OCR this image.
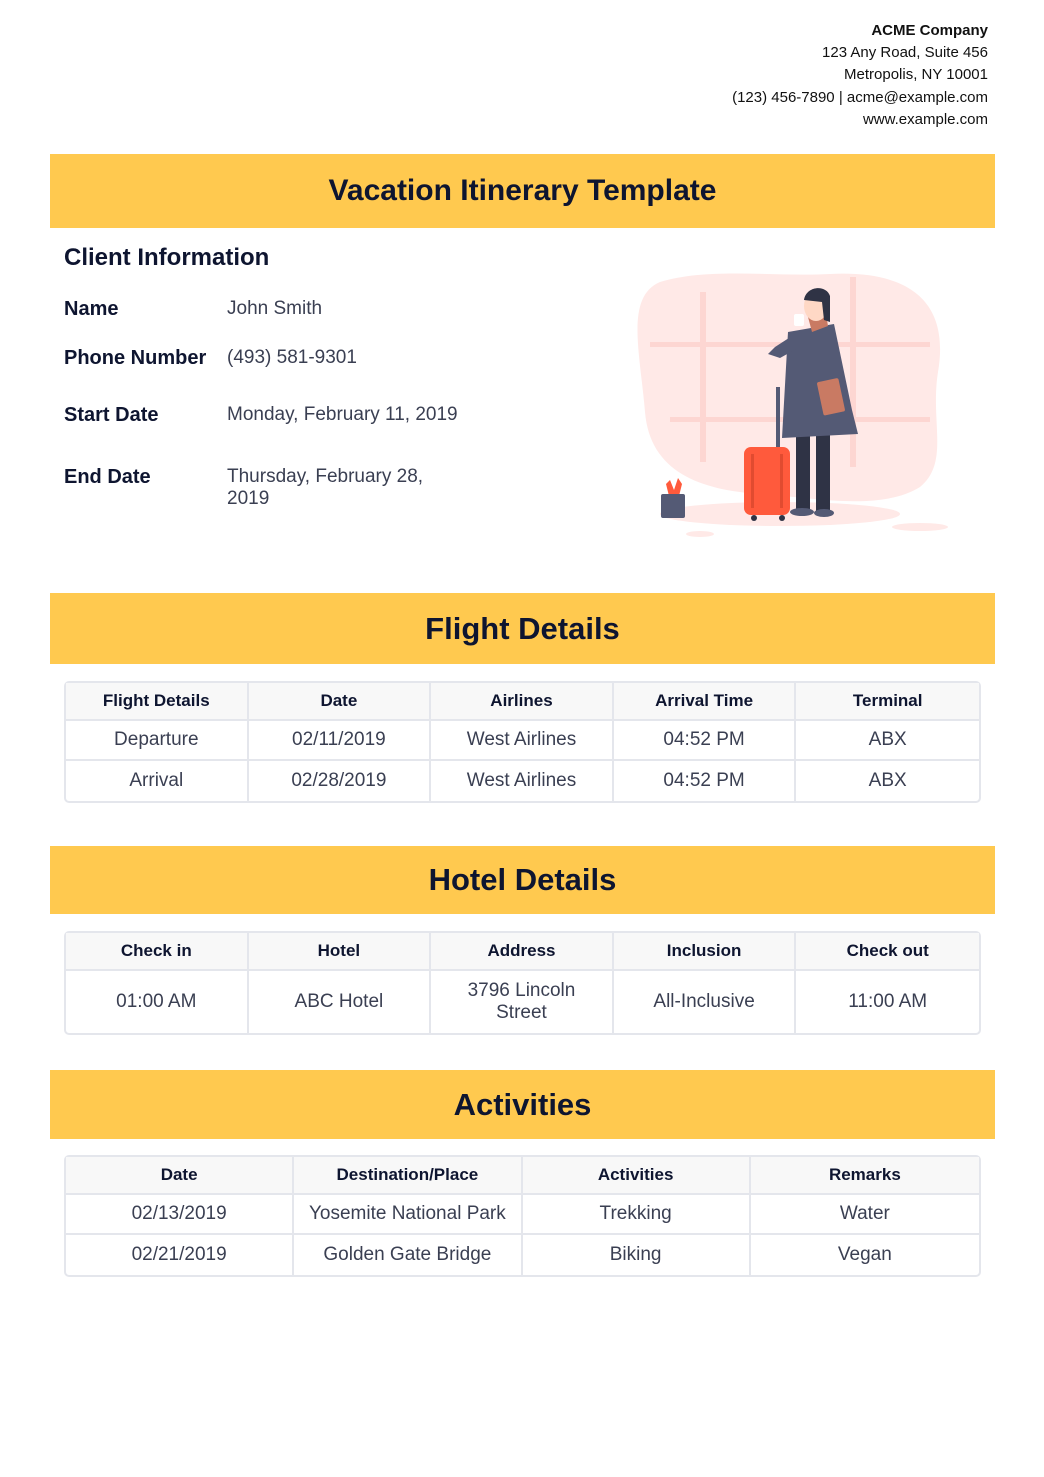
ACME Company
123 Any Road, Suite 456
Metropolis, NY 10001
(123) 456-7890 | acme@example.com
www.example.com
Vacation Itinerary Template
Client Information
Name	John Smith
Phone Number (493) 581-9301
Start Date	Monday, February 11, 2019
End Date	Thursday, February 28, 2019
Flight Details
Flight Details	Date	Airlines	Arrival Time	Terminal
Departure	02/11/2019	West Airlines	04:52 PM	ABX
Arrival	02/28/2019	West Airlines	04:52 PM	ABX
Hotel Details
Check in	Hotel	Address	Inclusion	Check out
01:00 AM	ABC Hotel	3796 Lincoln Street	All-Inclusive	11:00 AM
Activities
Date	Destination/Place	Activities	Remarks
02/13/2019	Yosemite National Park	Trekking	Water
02/21/2019	Golden Gate Bridge	Biking	Vegan
